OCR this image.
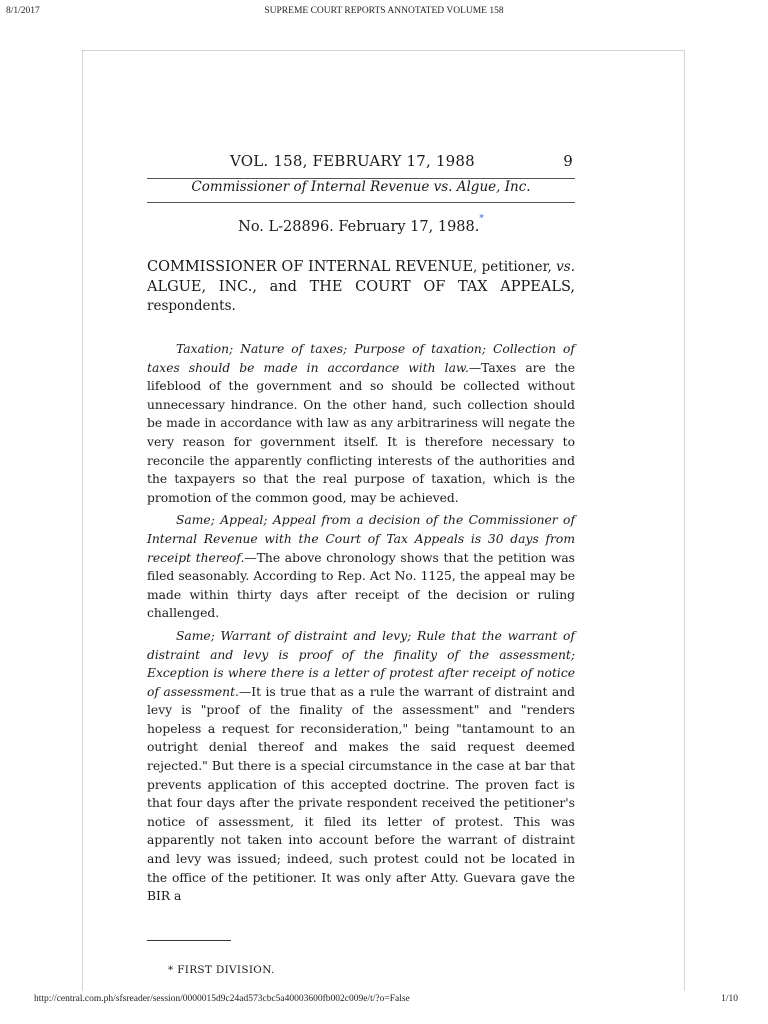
8/1/2017	SUPREME COURT REPORTS ANNOTATED VOLUME 158
VOL. 158, FEBRUARY 17, 1988	9
Commissioner of Internal Revenue vs. Algue, Inc.
No. L-28896. February 17, 1988.*
COMMISSIONER OF INTERNAL REVENUE, petitioner, vs. ALGUE, INC., and THE COURT OF TAX APPEALS, respondents.

Taxation; Nature of taxes; Purpose of taxation; Collection of taxes should be made in accordance with law.—Taxes are the lifeblood of the government and so should be collected without unnecessary hindrance. On the other hand, such collection should be made in accordance with law as any arbitrariness will negate the very reason for government itself. It is therefore necessary to reconcile the apparently conflicting interests of the authorities and the taxpayers so that the real purpose of taxation, which is the promotion of the common good, may be achieved.

Same; Appeal; Appeal from a decision of the Commissioner of Internal Revenue with the Court of Tax Appeals is 30 days from receipt thereof.—The above chronology shows that the petition was filed seasonably. According to Rep. Act No. 1125, the appeal may be made within thirty days after receipt of the decision or ruling challenged.

Same; Warrant of distraint and levy; Rule that the warrant of distraint and levy is proof of the finality of the assessment; Exception is where there is a letter of protest after receipt of notice of assessment.—It is true that as a rule the warrant of distraint and levy is "proof of the finality of the assessment" and "renders hopeless a request for reconsideration," being "tantamount to an outright denial thereof and makes the said request deemed rejected." But there is a special circumstance in the case at bar that prevents application of this accepted doctrine. The proven fact is that four days after the private respondent received the petitioner's notice of assessment, it filed its letter of protest. This was apparently not taken into account before the warrant of distraint and levy was issued; indeed, such protest could not be located in the office of the petitioner. It was only after Atty. Guevara gave the BIR a

* FIRST DIVISION.
http://central.com.ph/sfsreader/session/0000015d9c24ad573cbc5a40003600fb002c009e/t/?o=False	1/10
